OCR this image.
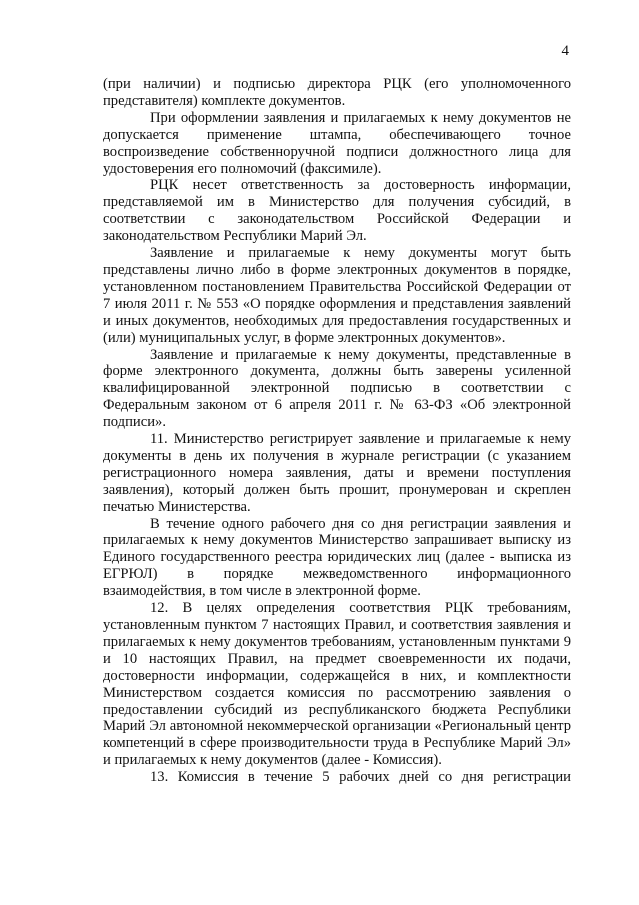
4

(при наличии) и подписью директора РЦК (его уполномоченного представителя) комплекте документов.

При оформлении заявления и прилагаемых к нему документов не допускается применение штампа, обеспечивающего точное воспроизведение собственноручной подписи должностного лица для удостоверения его полномочий (факсимиле).

РЦК несет ответственность за достоверность информации, представляемой им в Министерство для получения субсидий, в соответствии с законодательством Российской Федерации и законодательством Республики Марий Эл.

Заявление и прилагаемые к нему документы могут быть представлены лично либо в форме электронных документов в порядке, установленном постановлением Правительства Российской Федерации от 7 июля 2011 г. № 553 «О порядке оформления и представления заявлений и иных документов, необходимых для предоставления государственных и (или) муниципальных услуг, в форме электронных документов».

Заявление и прилагаемые к нему документы, представленные в форме электронного документа, должны быть заверены усиленной квалифицированной электронной подписью в соответствии с Федеральным законом от 6 апреля 2011 г. № 63-ФЗ «Об электронной подписи».

11. Министерство регистрирует заявление и прилагаемые к нему документы в день их получения в журнале регистрации (с указанием регистрационного номера заявления, даты и времени поступления заявления), который должен быть прошит, пронумерован и скреплен печатью Министерства.

В течение одного рабочего дня со дня регистрации заявления и прилагаемых к нему документов Министерство запрашивает выписку из Единого государственного реестра юридических лиц (далее - выписка из ЕГРЮЛ) в порядке межведомственного информационного взаимодействия, в том числе в электронной форме.

12. В целях определения соответствия РЦК требованиям, установленным пунктом 7 настоящих Правил, и соответствия заявления и прилагаемых к нему документов требованиям, установленным пунктами 9 и 10 настоящих Правил, на предмет своевременности их подачи, достоверности информации, содержащейся в них, и комплектности Министерством создается комиссия по рассмотрению заявления о предоставлении субсидий из республиканского бюджета Республики Марий Эл автономной некоммерческой организации «Региональный центр компетенций в сфере производительности труда в Республике Марий Эл» и прилагаемых к нему документов (далее - Комиссия).

13. Комиссия в течение 5 рабочих дней со дня регистрации
